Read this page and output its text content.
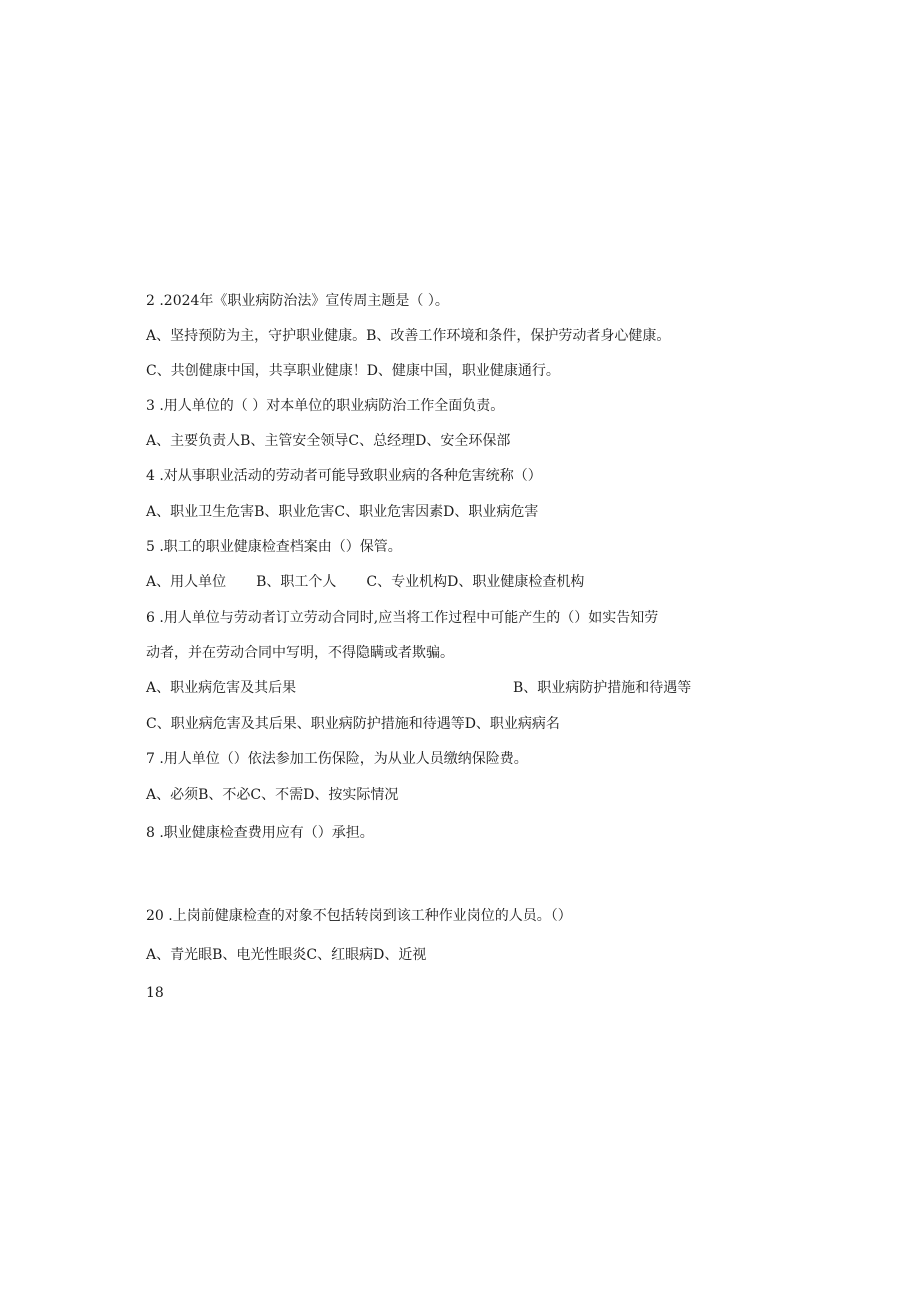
2 .2024年《职业病防治法》宣传周主题是（ ）。
A、坚持预防为主，守护职业健康。B、改善工作环境和条件，保护劳动者身心健康。
C、共创健康中国，共享职业健康！D、健康中国，职业健康通行。
3 .用人单位的（ ）对本单位的职业病防治工作全面负责。
A、主要负责人B、主管安全领导C、总经理D、安全环保部
4 .对从事职业活动的劳动者可能导致职业病的各种危害统称（）
A、职业卫生危害B、职业危害C、职业危害因素D、职业病危害
5 .职工的职业健康检查档案由（）保管。
A、用人单位 B、职工个人 C、专业机构D、职业健康检查机构
6 .用人单位与劳动者订立劳动合同时,应当将工作过程中可能产生的（）如实告知劳
动者，并在劳动合同中写明，不得隐瞒或者欺骗。
A、职业病危害及其后果	B、职业病防护措施和待遇等
C、职业病危害及其后果、职业病防护措施和待遇等D、职业病病名
7 .用人单位（）依法参加工伤保险，为从业人员缴纳保险费。
A、必须B、不必C、不需D、按实际情况
8 .职业健康检查费用应有（）承担。
20 .上岗前健康检查的对象不包括转岗到该工种作业岗位的人员。（）
A、青光眼B、电光性眼炎C、红眼病D、近视
18
